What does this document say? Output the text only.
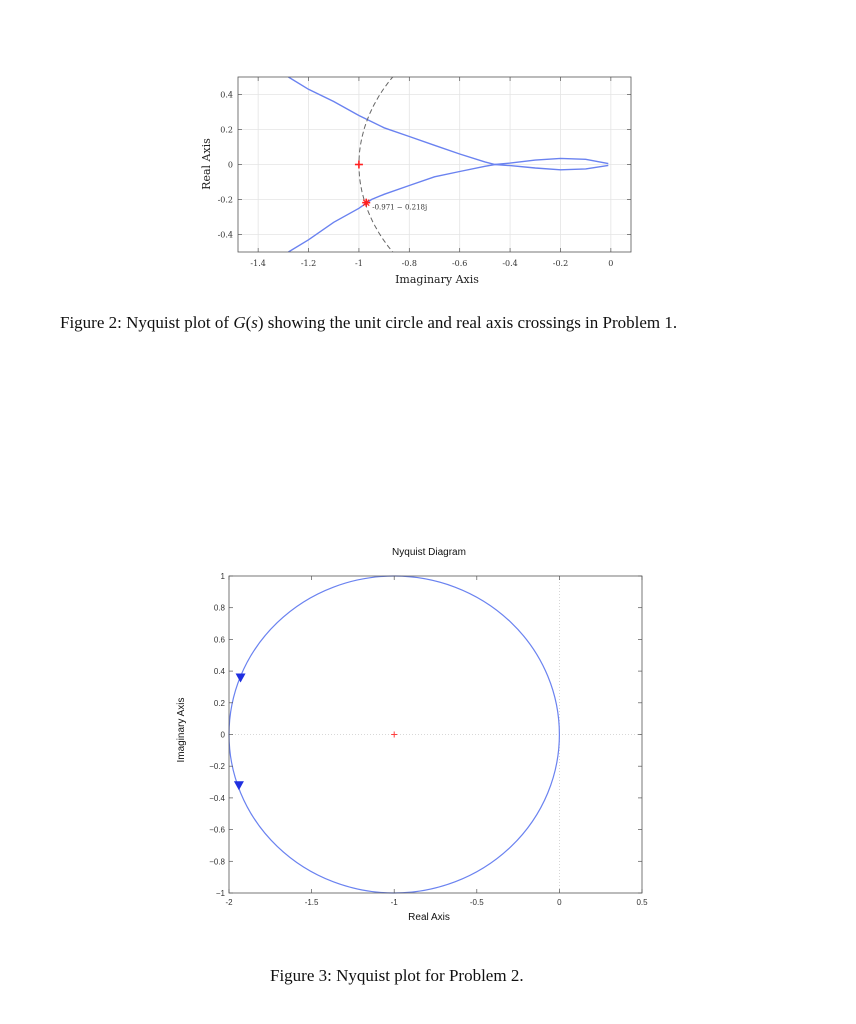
-0.971 − 0.218j
-1.4	-1.2	-1	-0.8	-0.6	-0.4	-0.2	0
0.4
0.2
0
-0.2
-0.4
Imaginary Axis
Real Axis
Figure 2: Nyquist plot of G(s) showing the unit circle and real axis crossings in Problem 1.
Nyquist Diagram
-2	-1.5	-1	-0.5	0	0.5
1
0.8
0.6
0.4
0.2
0
−0.2
−0.4
−0.6
−0.8
−1
Real Axis
Imaginary Axis
Figure 3: Nyquist plot for Problem 2.
